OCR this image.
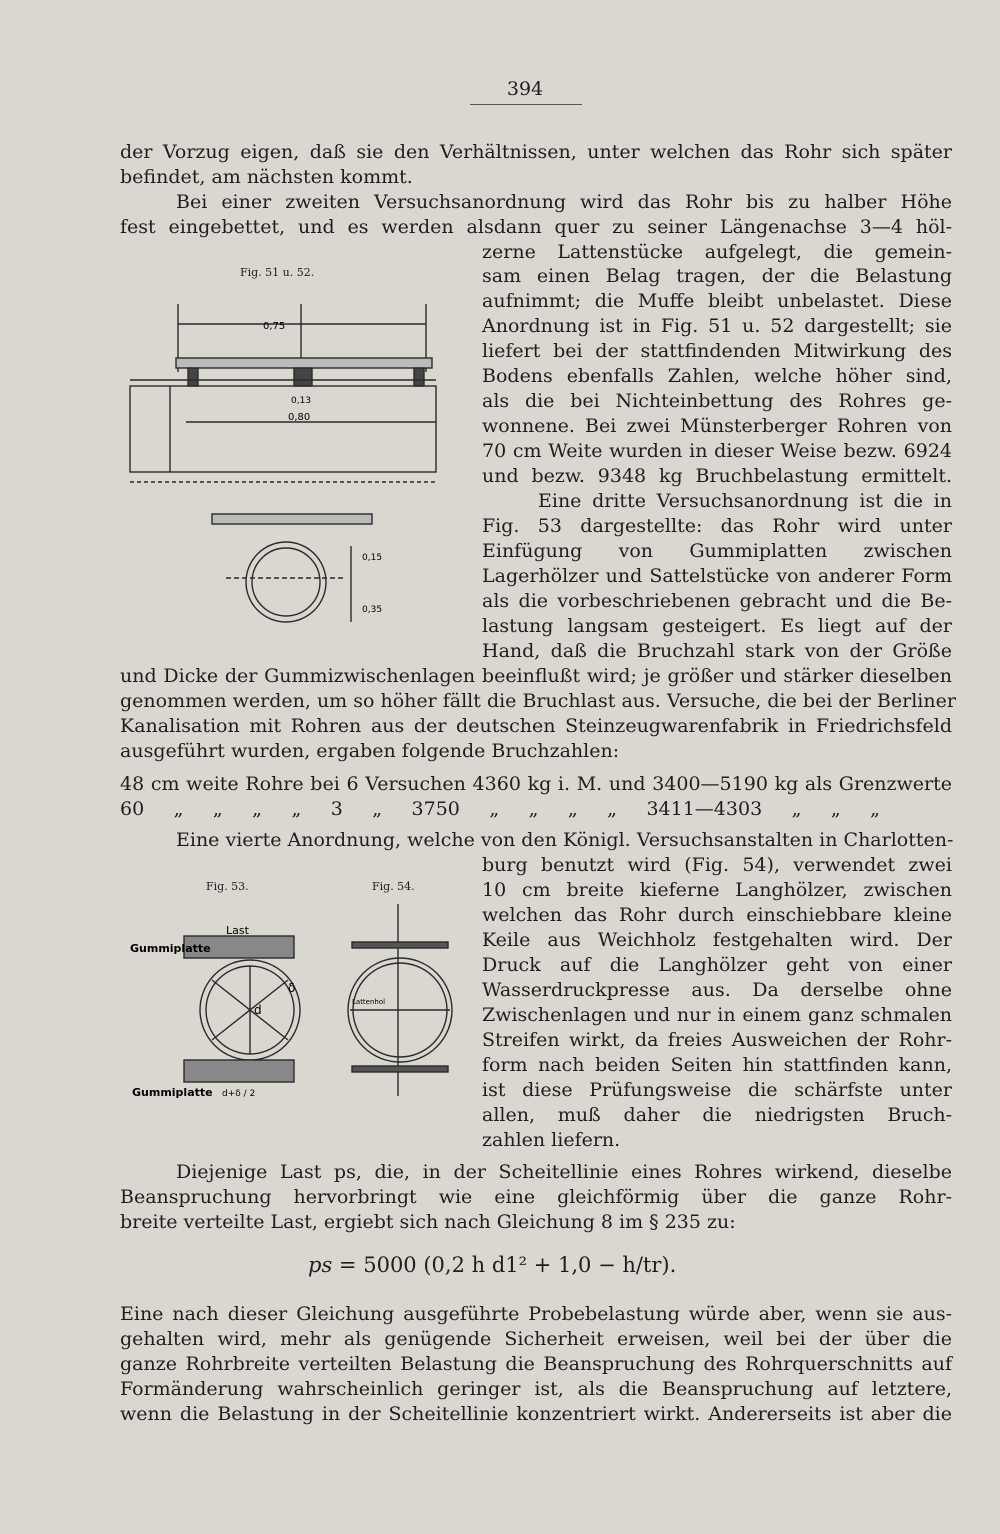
394
der Vorzug eigen, daß sie den Verhältnissen, unter welchen das Rohr sich später
befindet, am nächsten kommt.
Bei einer zweiten Versuchsanordnung wird das Rohr bis zu halber Höhe
fest eingebettet, und es werden alsdann quer zu seiner Längenachse 3—4 höl-
zerne Lattenstücke aufgelegt, die gemein-
sam einen Belag tragen, der die Belastung
aufnimmt; die Muffe bleibt unbelastet. Diese
Anordnung ist in Fig. 51 u. 52 dargestellt; sie
liefert bei der stattfindenden Mitwirkung des
Bodens ebenfalls Zahlen, welche höher sind,
als die bei Nichteinbettung des Rohres ge-
wonnene. Bei zwei Münsterberger Rohren von
70 cm Weite wurden in dieser Weise bezw. 6924
und bezw. 9348 kg Bruchbelastung ermittelt.
Eine dritte Versuchsanordnung ist die in
Fig. 53 dargestellte: das Rohr wird unter
Einfügung von Gummiplatten zwischen
Lagerhölzer und Sattelstücke von anderer Form
als die vorbeschriebenen gebracht und die Be-
lastung langsam gesteigert. Es liegt auf der
Hand, daß die Bruchzahl stark von der Größe
und Dicke der Gummizwischenlagen beeinflußt wird; je größer und stärker dieselben
genommen werden, um so höher fällt die Bruchlast aus. Versuche, die bei der Berliner
Kanalisation mit Rohren aus der deutschen Steinzeugwarenfabrik in Friedrichsfeld
ausgeführt wurden, ergaben folgende Bruchzahlen:
48 cm weite Rohre bei 6 Versuchen 4360 kg i. M. und 3400—5190 kg als Grenzwerte
60 „ „ „ „ 3 „ 3750 „ „ „ „ 3411—4303 „ „ „
Eine vierte Anordnung, welche von den Königl. Versuchsanstalten in Charlotten-
burg benutzt wird (Fig. 54), verwendet zwei
10 cm breite kieferne Langhölzer, zwischen
welchen das Rohr durch einschiebbare kleine
Keile aus Weichholz festgehalten wird. Der
Druck auf die Langhölzer geht von einer
Wasserdruckpresse aus. Da derselbe ohne
Zwischenlagen und nur in einem ganz schmalen
Streifen wirkt, da freies Ausweichen der Rohr-
form nach beiden Seiten hin stattfinden kann,
ist diese Prüfungsweise die schärfste unter
allen, muß daher die niedrigsten Bruch-
zahlen liefern.
Diejenige Last ps, die, in der Scheitellinie eines Rohres wirkend, dieselbe
Beanspruchung hervorbringt wie eine gleichförmig über die ganze Rohr-
breite verteilte Last, ergiebt sich nach Gleichung 8 im § 235 zu:
Eine nach dieser Gleichung ausgeführte Probebelastung würde aber, wenn sie aus-
gehalten wird, mehr als genügende Sicherheit erweisen, weil bei der über die
ganze Rohrbreite verteilten Belastung die Beanspruchung des Rohrquerschnitts auf
Formänderung wahrscheinlich geringer ist, als die Beanspruchung auf letztere,
wenn die Belastung in der Scheitellinie konzentriert wirkt. Andererseits ist aber die
ps = 5000 (0,2 h d1² + 1,0 − h/tr).
Fig. 51 u. 52.
0,75
0,13
0,80
0,15
0,35
Fig. 53.
Last
Gummiplatte
Gummiplatte
d
δ
d+δ / 2
Fig. 54.
Lattenhol
